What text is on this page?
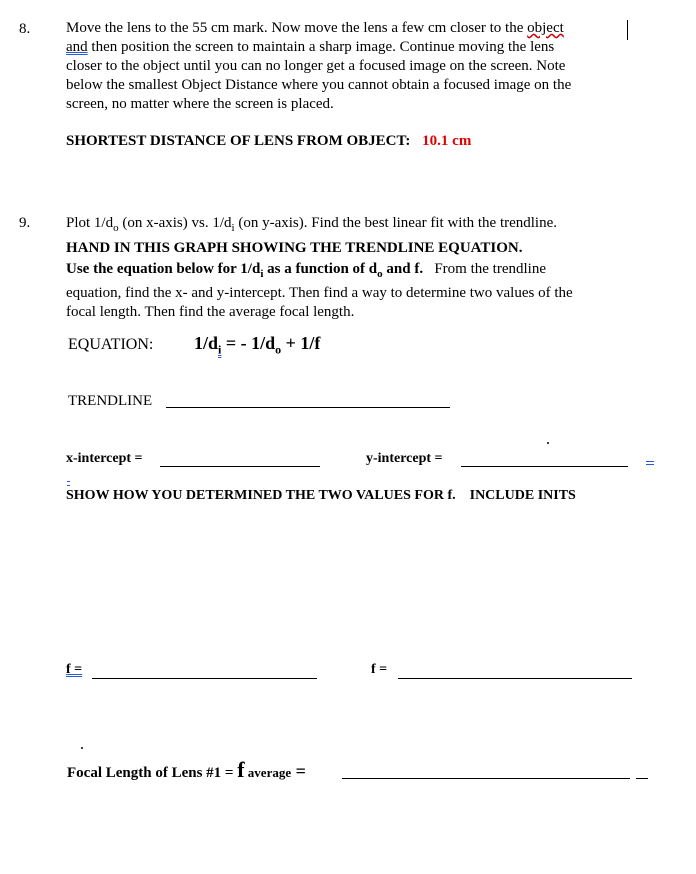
8. Move the lens to the 55 cm mark. Now move the lens a few cm closer to the object
and then position the screen to maintain a sharp image. Continue moving the lens
closer to the object until you can no longer get a focused image on the screen. Note
below the smallest Object Distance where you cannot obtain a focused image on the
screen, no matter where the screen is placed.
SHORTEST DISTANCE OF LENS FROM OBJECT: 10.1 cm
9. Plot $1/d_o$ (on x-axis) vs. $1/d_i$ (on y-axis). Find the best linear fit with the trendline.
HAND IN THIS GRAPH SHOWING THE TRENDLINE EQUATION.
Use the equation below for $1/d_i$ as a function of $d_o$ and f.   From the trendline
equation, find the x- and y-intercept. Then find a way to determine two values of the
focal length. Then find the average focal length.
EQUATION: $1/d_i$ = - $1/d_o + 1/f$
TRENDLINE
x-intercept =	y-intercept =
SHOW HOW YOU DETERMINED THE TWO VALUES FOR f. INCLUDE INITS
f =	f =
Focal Length of Lens #1 = f average =
